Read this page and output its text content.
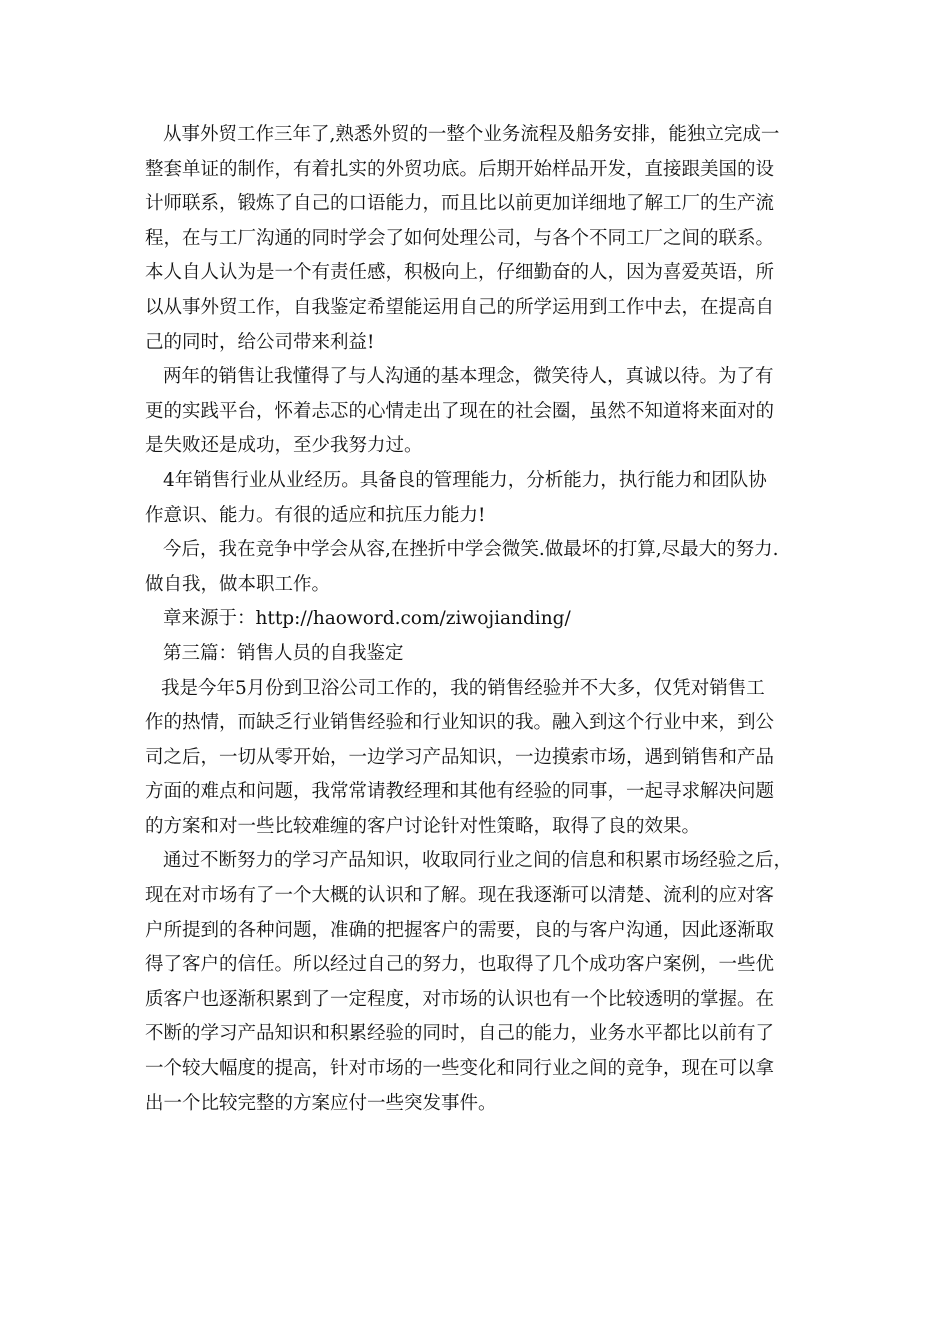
从事外贸工作三年了,熟悉外贸的一整个业务流程及船务安排，能独立完成一
整套单证的制作，有着扎实的外贸功底。后期开始样品开发，直接跟美国的设
计师联系，锻炼了自己的口语能力，而且比以前更加详细地了解工厂的生产流
程，在与工厂沟通的同时学会了如何处理公司，与各个不同工厂之间的联系。
本人自人认为是一个有责任感，积极向上，仔细勤奋的人，因为喜爱英语，所
以从事外贸工作，自我鉴定希望能运用自己的所学运用到工作中去，在提高自
己的同时，给公司带来利益!
两年的销售让我懂得了与人沟通的基本理念，微笑待人，真诚以待。为了有
更的实践平台，怀着忐忑的心情走出了现在的社会圈，虽然不知道将来面对的
是失败还是成功，至少我努力过。
4年销售行业从业经历。具备良的管理能力，分析能力，执行能力和团队协
作意识、能力。有很的适应和抗压力能力!
今后，我在竞争中学会从容,在挫折中学会微笑.做最坏的打算,尽最大的努力.
做自我，做本职工作。
章来源于：http://haoword.com/ziwojianding/
第三篇：销售人员的自我鉴定
我是今年5月份到卫浴公司工作的，我的销售经验并不大多，仅凭对销售工
作的热情，而缺乏行业销售经验和行业知识的我。融入到这个行业中来，到公
司之后，一切从零开始，一边学习产品知识，一边摸索市场，遇到销售和产品
方面的难点和问题，我常常请教经理和其他有经验的同事，一起寻求解决问题
的方案和对一些比较难缠的客户讨论针对性策略，取得了良的效果。
通过不断努力的学习产品知识，收取同行业之间的信息和积累市场经验之后，
现在对市场有了一个大概的认识和了解。现在我逐渐可以清楚、流利的应对客
户所提到的各种问题，准确的把握客户的需要，良的与客户沟通，因此逐渐取
得了客户的信任。所以经过自己的努力，也取得了几个成功客户案例，一些优
质客户也逐渐积累到了一定程度，对市场的认识也有一个比较透明的掌握。在
不断的学习产品知识和积累经验的同时，自己的能力，业务水平都比以前有了
一个较大幅度的提高，针对市场的一些变化和同行业之间的竞争，现在可以拿
出一个比较完整的方案应付一些突发事件。
